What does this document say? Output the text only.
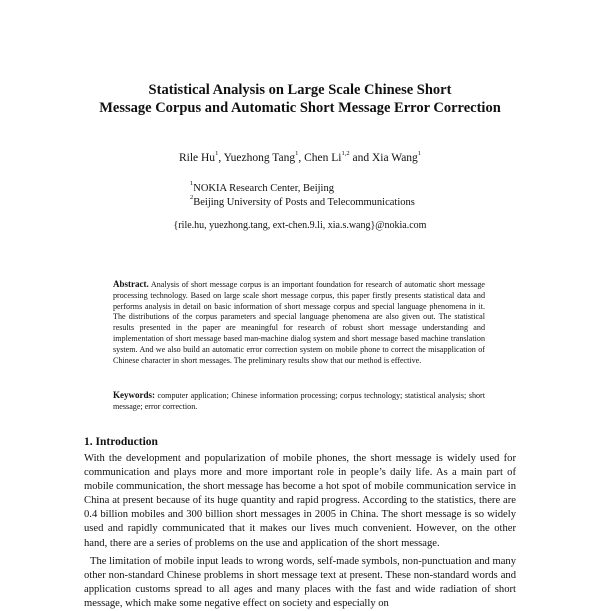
Statistical Analysis on Large Scale Chinese Short
Message Corpus and Automatic Short Message Error Correction
Rile Hu$^1$, Yuezhong Tang$^1$, Chen Li$^{1,2}$ and Xia Wang$^1$
$^1$NOKIA Research Center, Beijing
$^2$Beijing University of Posts and Telecommunications
{rile.hu, yuezhong.tang, ext-chen.9.li, xia.s.wang}@nokia.com
Abstract. Analysis of short message corpus is an important foundation for research of automatic short message processing technology. Based on large scale short message corpus, this paper firstly presents statistical data and performs analysis in detail on basic information of short message corpus and special language phenomena in it. The distributions of the corpus parameters and special language phenomena are also given out. The statistical results presented in the paper are meaningful for research of robust short message understanding and implementation of short message based man-machine dialog system and short message based machine translation system. And we also build an automatic error correction system on mobile phone to correct the misapplication of Chinese character in short messages. The preliminary results show that our method is effective.
Keywords: computer application; Chinese information processing; corpus technology; statistical analysis; short message; error correction.
1. Introduction
With the development and popularization of mobile phones, the short message is widely used for communication and plays more and more important role in people’s daily life. As a main part of mobile communication, the short message has become a hot spot of mobile communication service in China at present because of its huge quantity and rapid progress. According to the statistics, there are 0.4 billion mobiles and 300 billion short messages in 2005 in China. The short message is so widely used and rapidly communicated that it makes our lives much convenient. However, on the other hand, there are a series of problems on the use and application of the short message.
The limitation of mobile input leads to wrong words, self-made symbols, non-punctuation and many other non-standard Chinese problems in short message text at present. These non-standard words and application customs spread to all ages and many places with the fast and wide radiation of short message, which make some negative effect on society and especially on
